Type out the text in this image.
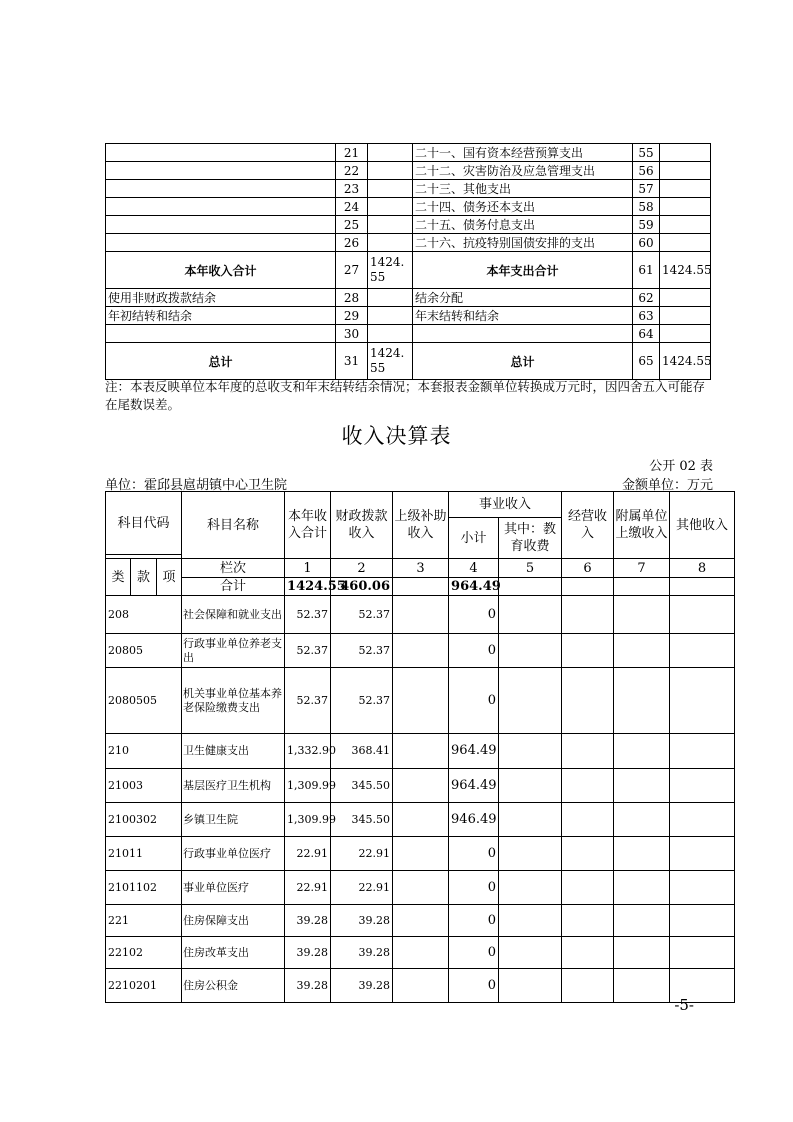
	21		二十一、国有资本经营预算支出	55	
	22		二十二、灾害防治及应急管理支出	56	
	23		二十三、其他支出	57	
	24		二十四、债务还本支出	58	
	25		二十五、债务付息支出	59	
	26		二十六、抗疫特别国债安排的支出	60	
本年收入合计	27	1424.55	本年支出合计	61	1424.55
使用非财政拨款结余	28		结余分配	62	
年初结转和结余	29		年末结转和结余	63	
	30			64	
总计	31	1424.55	总计	65	1424.55
注：本表反映单位本年度的总收支和年末结转结余情况；本套报表金额单位转换成万元时，因四舍五入可能存在尾数误差。
收入决算表
公开 02 表
单位：霍邱县扈胡镇中心卫生院	金额单位：万元
科目代码			科目名称	本年收入合计	财政拨款收入	上级补助收入	事业收入		经营收入	附属单位上缴收入	其他收入
							小计	其中：教育收费			

类	款	项	栏次	1	2	3	4	5	6	7	8
			合计	1424.55	460.06		964.49				
208			社会保障和就业支出	52.37	52.37		0				
20805			行政事业单位养老支出	52.37	52.37		0				
2080505			机关事业单位基本养老保险缴费支出	52.37	52.37		0				
210			卫生健康支出	1,332.90	368.41		964.49				
21003			基层医疗卫生机构	1,309.99	345.50		964.49				
2100302			乡镇卫生院	1,309.99	345.50		946.49				
21011			行政事业单位医疗	22.91	22.91		0				
2101102			事业单位医疗	22.91	22.91		0				
221			住房保障支出	39.28	39.28		0				
22102			住房改革支出	39.28	39.28		0				
2210201			住房公积金	39.28	39.28		0				
-5-
